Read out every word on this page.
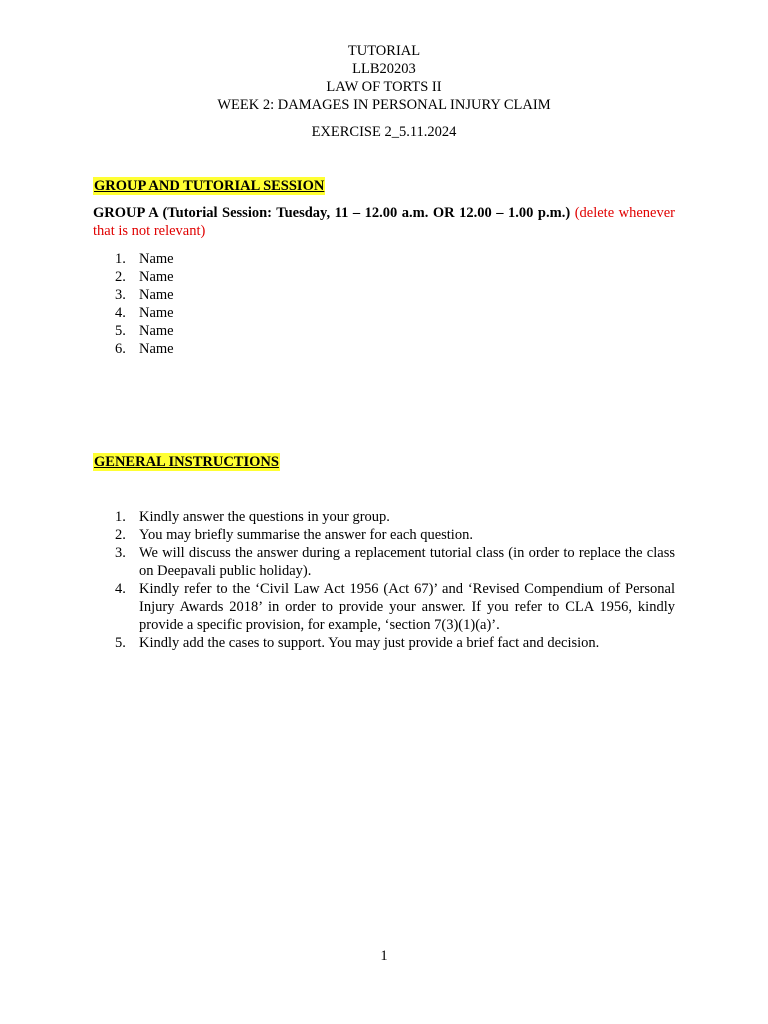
TUTORIAL
LLB20203
LAW OF TORTS II
WEEK 2: DAMAGES IN PERSONAL INJURY CLAIM
EXERCISE 2_5.11.2024
GROUP AND TUTORIAL SESSION
GROUP A (Tutorial Session: Tuesday, 11 – 12.00 a.m. OR 12.00 – 1.00 p.m.) (delete whenever that is not relevant)
1. Name
2. Name
3. Name
4. Name
5. Name
6. Name
GENERAL INSTRUCTIONS
1. Kindly answer the questions in your group.
2. You may briefly summarise the answer for each question.
3. We will discuss the answer during a replacement tutorial class (in order to replace the class on Deepavali public holiday).
4. Kindly refer to the ‘Civil Law Act 1956 (Act 67)’ and ‘Revised Compendium of Personal Injury Awards 2018’ in order to provide your answer. If you refer to CLA 1956, kindly provide a specific provision, for example, ‘section 7(3)(1)(a)’.
5. Kindly add the cases to support. You may just provide a brief fact and decision.
1
